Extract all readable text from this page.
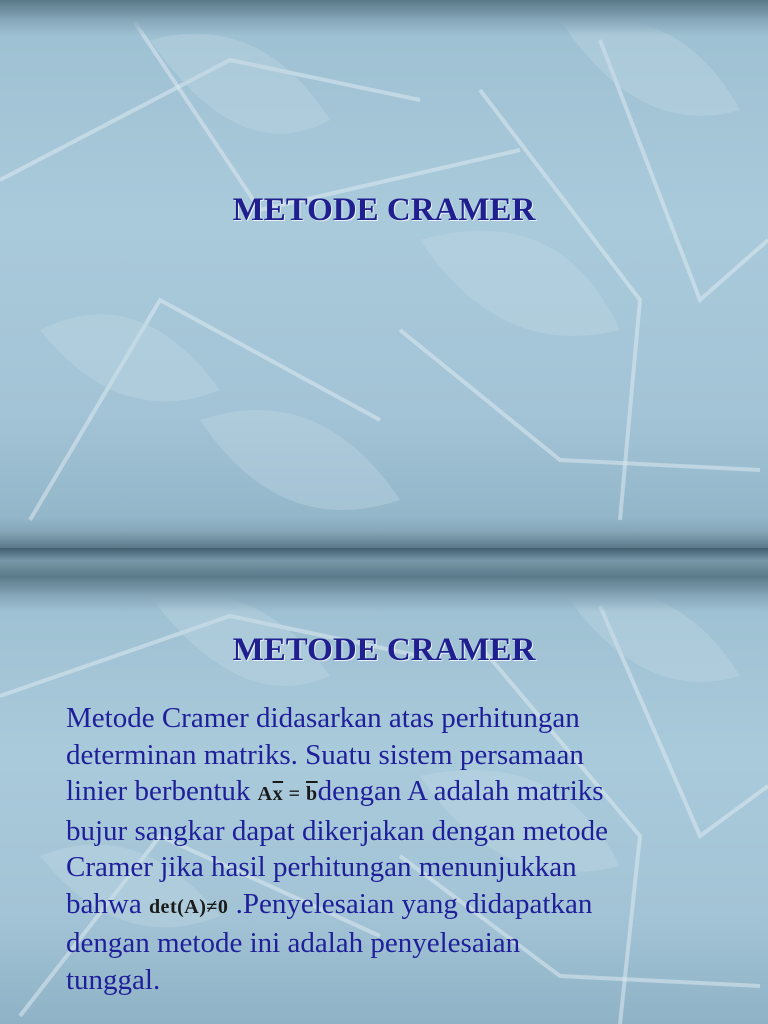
METODE CRAMER
METODE CRAMER
Metode Cramer didasarkan atas perhitungan
determinan matriks. Suatu sistem persamaan
linier berbentuk $A\overline{x}$ = $\overline{b}dengan$ A adalah matriks
bujur sangkar dapat dikerjakan dengan metode
Cramer jika hasil perhitungan menunjukkan
bahwa det(A)≠0 .Penyelesaian yang didapatkan
dengan metode ini adalah penyelesaian
tunggal.
